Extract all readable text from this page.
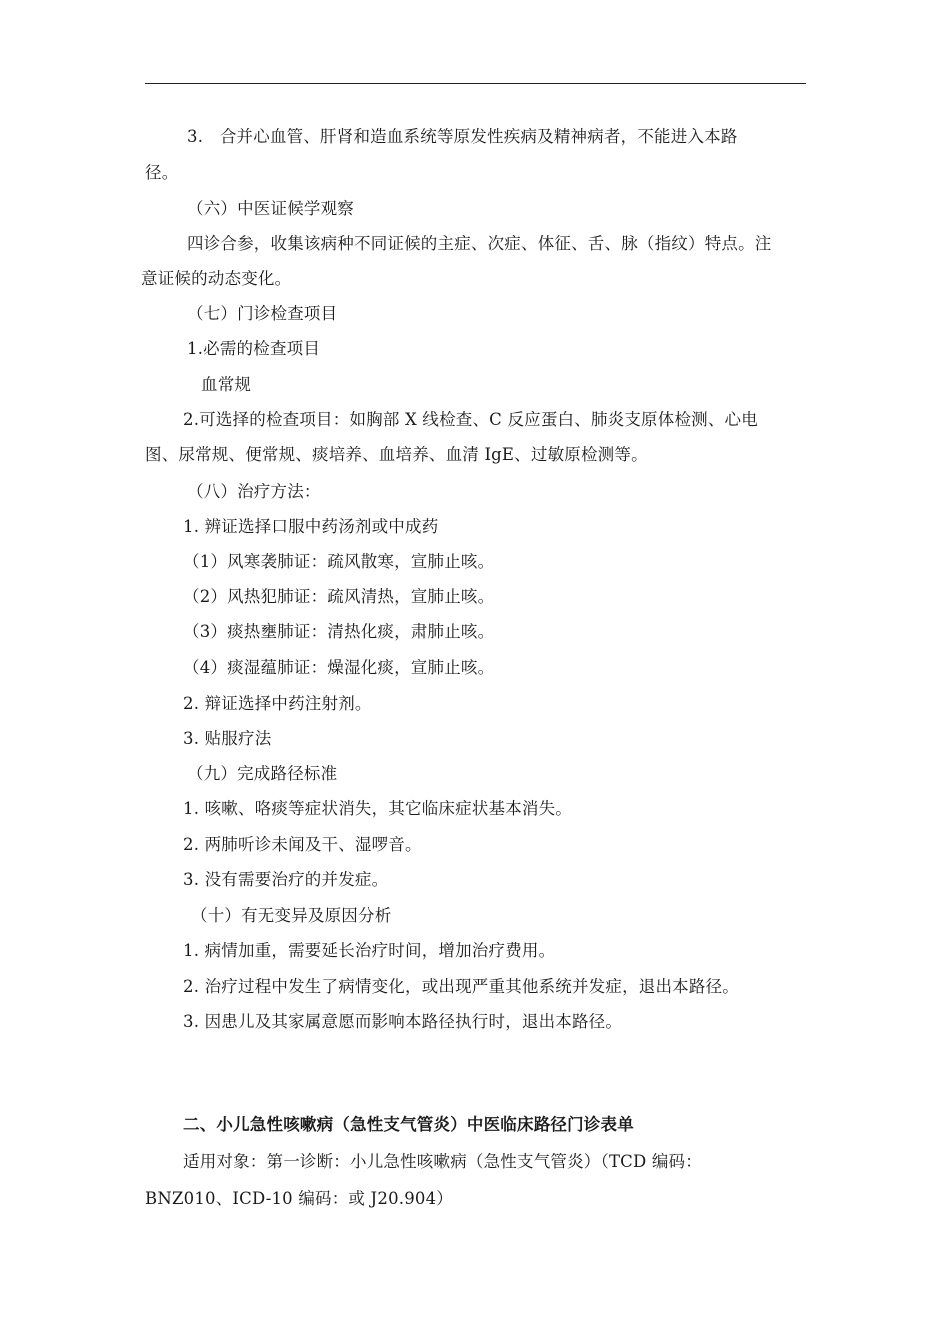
3.　合并心血管、肝肾和造血系统等原发性疾病及精神病者，不能进入本路
径。
（六）中医证候学观察
四诊合参，收集该病种不同证候的主症、次症、体征、舌、脉（指纹）特点。注
意证候的动态变化。
（七）门诊检查项目
1.必需的检查项目
血常规
2.可选择的检查项目：如胸部 X 线检查、C 反应蛋白、肺炎支原体检测、心电
图、尿常规、便常规、痰培养、血培养、血清 IgE、过敏原检测等。
（八）治疗方法：
1. 辨证选择口服中药汤剂或中成药
（1）风寒袭肺证：疏风散寒，宣肺止咳。
（2）风热犯肺证：疏风清热，宣肺止咳。
（3）痰热壅肺证：清热化痰，肃肺止咳。
（4）痰湿蕴肺证：燥湿化痰，宣肺止咳。
2. 辩证选择中药注射剂。
3. 贴服疗法
（九）完成路径标准
1. 咳嗽、咯痰等症状消失，其它临床症状基本消失。
2. 两肺听诊未闻及干、湿啰音。
3. 没有需要治疗的并发症。
（十）有无变异及原因分析
1. 病情加重，需要延长治疗时间，增加治疗费用。
2. 治疗过程中发生了病情变化，或出现严重其他系统并发症，退出本路径。
3. 因患儿及其家属意愿而影响本路径执行时，退出本路径。
二、小儿急性咳嗽病（急性支气管炎）中医临床路径门诊表单
适用对象：第一诊断：小儿急性咳嗽病（急性支气管炎）（TCD 编码：
BNZ010、ICD-10 编码：或 J20.904）
